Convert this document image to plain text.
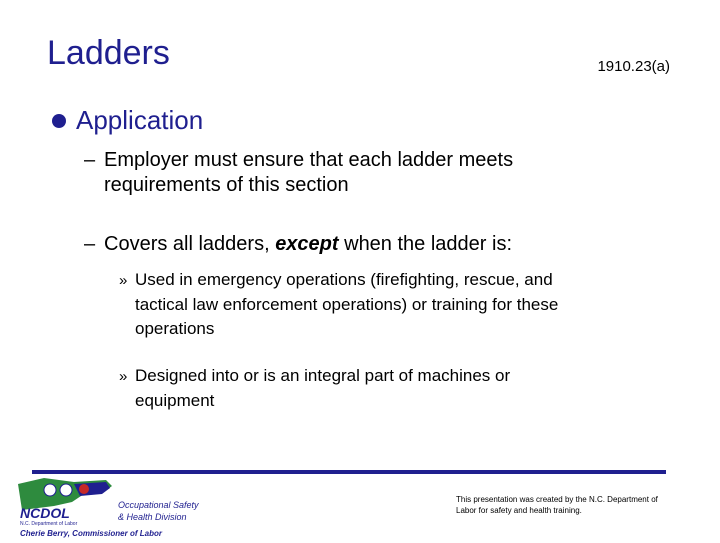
Ladders	1910.23(a)
Application
– Employer must ensure that each ladder meets
requirements of this section
– Covers all ladders, except when the ladder is:
» Used in emergency operations (firefighting, rescue, and
tactical law enforcement operations) or training for these
operations
» Designed into or is an integral part of machines or
equipment
NCDOL
N.C. Department of Labor
Occupational Safety
& Health Division
Cherie Berry, Commissioner of Labor
This presentation was created by the N.C. Department of Labor for safety and health training.
